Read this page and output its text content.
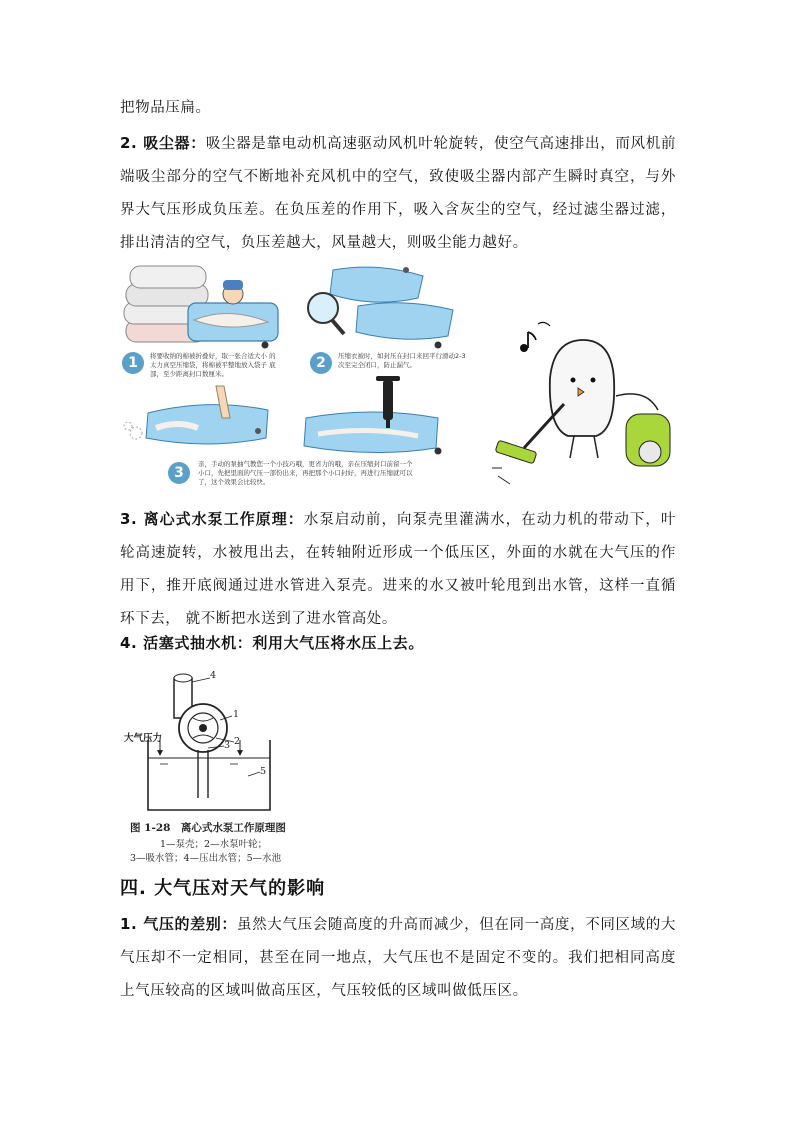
把物品压扁。
2. 吸尘器：吸尘器是靠电动机高速驱动风机叶轮旋转，使空气高速排出，而风机前端吸尘部分的空气不断地补充风机中的空气，致使吸尘器内部产生瞬时真空，与外界大气压形成负压差。在负压差的作用下，吸入含灰尘的空气，经过滤尘器过滤，排出清洁的空气，负压差越大，风量越大，则吸尘能力越好。
1	将要收纳的棉被折叠好，取一张合适大小 的太力真空压缩袋，将棉被平整地放入袋子 底部，至少距离封口数厘米。
2	压缩衣被时，如封压在封口来回平行滑动2-3次至完全闭口，防止漏气。
3
亲，手动的泵抽气教您一个小技巧哦，更省力的哦，亲在压缩封口前留一个小口，先把里面的气压一部份出来，再把那个小口封好，再进行压缩就可以了，这个效果会比较快。
3. 离心式水泵工作原理：水泵启动前，向泵壳里灌满水，在动力机的带动下，叶轮高速旋转，水被甩出去，在转轴附近形成一个低压区，外面的水就在大气压的作用下，推开底阀通过进水管进入泵壳。进来的水又被叶轮甩到出水管，这样一直循环下去， 就不断把水送到了进水管高处。
4. 活塞式抽水机：利用大气压将水压上去。
4
1
2
3
5
大气压力
图 1-28　离心式水泵工作原理图
1—泵壳；2—水泵叶轮；
3—吸水管；4—压出水管；5—水池
四. 大气压对天气的影响
1. 气压的差别：虽然大气压会随高度的升高而减少，但在同一高度，不同区域的大气压却不一定相同，甚至在同一地点，大气压也不是固定不变的。我们把相同高度上气压较高的区域叫做高压区，气压较低的区域叫做低压区。
